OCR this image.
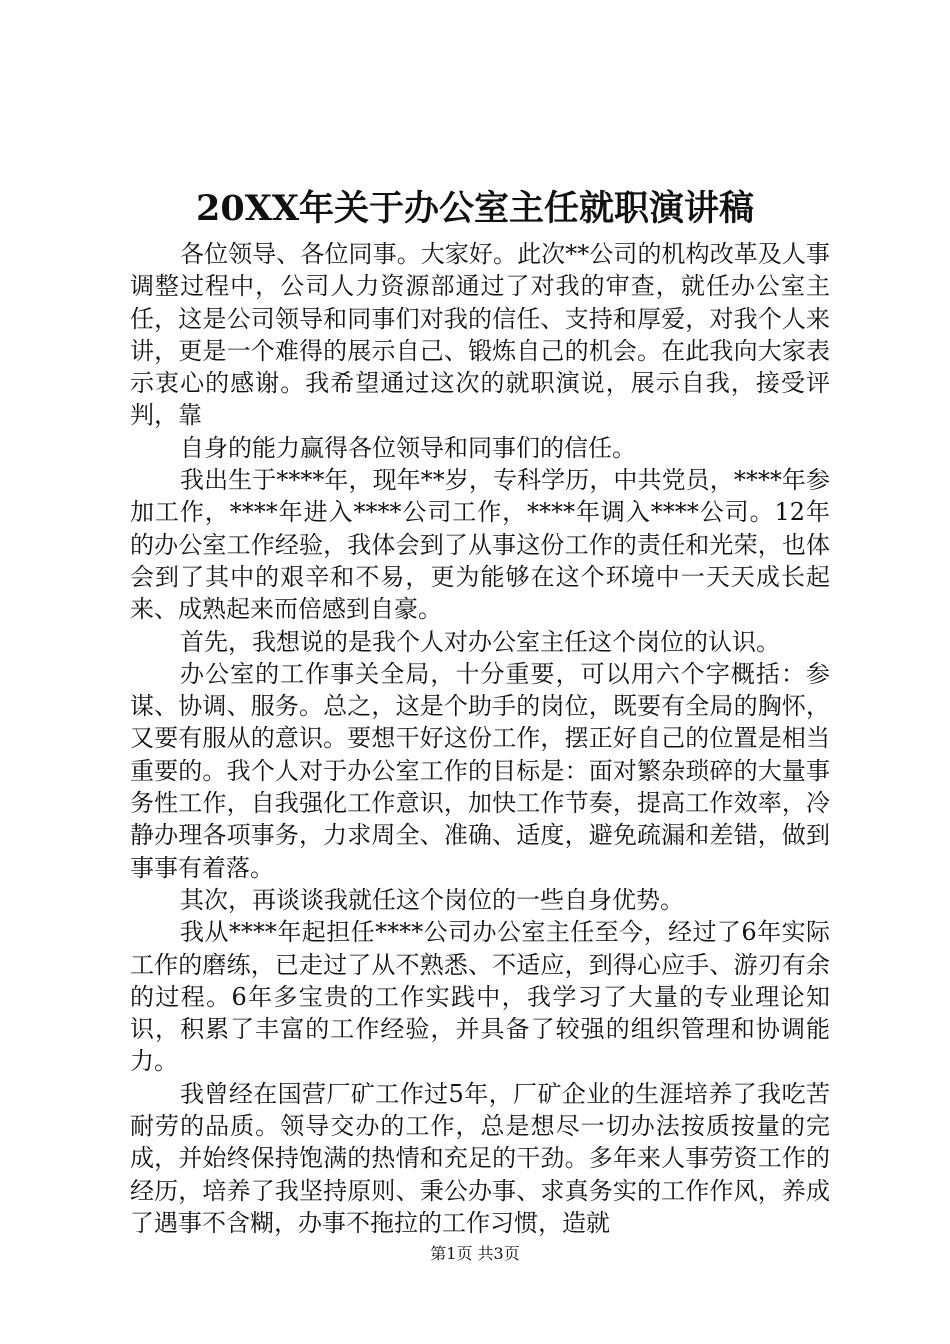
20XX年关于办公室主任就职演讲稿

各位领导、各位同事。大家好。此次**公司的机构改革及人事调整过程中，公司人力资源部通过了对我的审查，就任办公室主任，这是公司领导和同事们对我的信任、支持和厚爱，对我个人来讲，更是一个难得的展示自己、锻炼自己的机会。在此我向大家表示衷心的感谢。我希望通过这次的就职演说，展示自我，接受评判，靠

自身的能力赢得各位领导和同事们的信任。

我出生于****年，现年**岁，专科学历，中共党员，****年参加工作，****年进入****公司工作，****年调入****公司。12年的办公室工作经验，我体会到了从事这份工作的责任和光荣，也体会到了其中的艰辛和不易，更为能够在这个环境中一天天成长起来、成熟起来而倍感到自豪。

首先，我想说的是我个人对办公室主任这个岗位的认识。

办公室的工作事关全局，十分重要，可以用六个字概括：参谋、协调、服务。总之，这是个助手的岗位，既要有全局的胸怀，又要有服从的意识。要想干好这份工作，摆正好自己的位置是相当重要的。我个人对于办公室工作的目标是：面对繁杂琐碎的大量事务性工作，自我强化工作意识，加快工作节奏，提高工作效率，冷静办理各项事务，力求周全、准确、适度，避免疏漏和差错，做到事事有着落。

其次，再谈谈我就任这个岗位的一些自身优势。

我从****年起担任****公司办公室主任至今，经过了6年实际工作的磨练，已走过了从不熟悉、不适应，到得心应手、游刃有余的过程。6年多宝贵的工作实践中，我学习了大量的专业理论知识，积累了丰富的工作经验，并具备了较强的组织管理和协调能力。

我曾经在国营厂矿工作过5年，厂矿企业的生涯培养了我吃苦耐劳的品质。领导交办的工作，总是想尽一切办法按质按量的完成，并始终保持饱满的热情和充足的干劲。多年来人事劳资工作的经历，培养了我坚持原则、秉公办事、求真务实的工作作风，养成了遇事不含糊，办事不拖拉的工作习惯，造就

第1页 共3页
